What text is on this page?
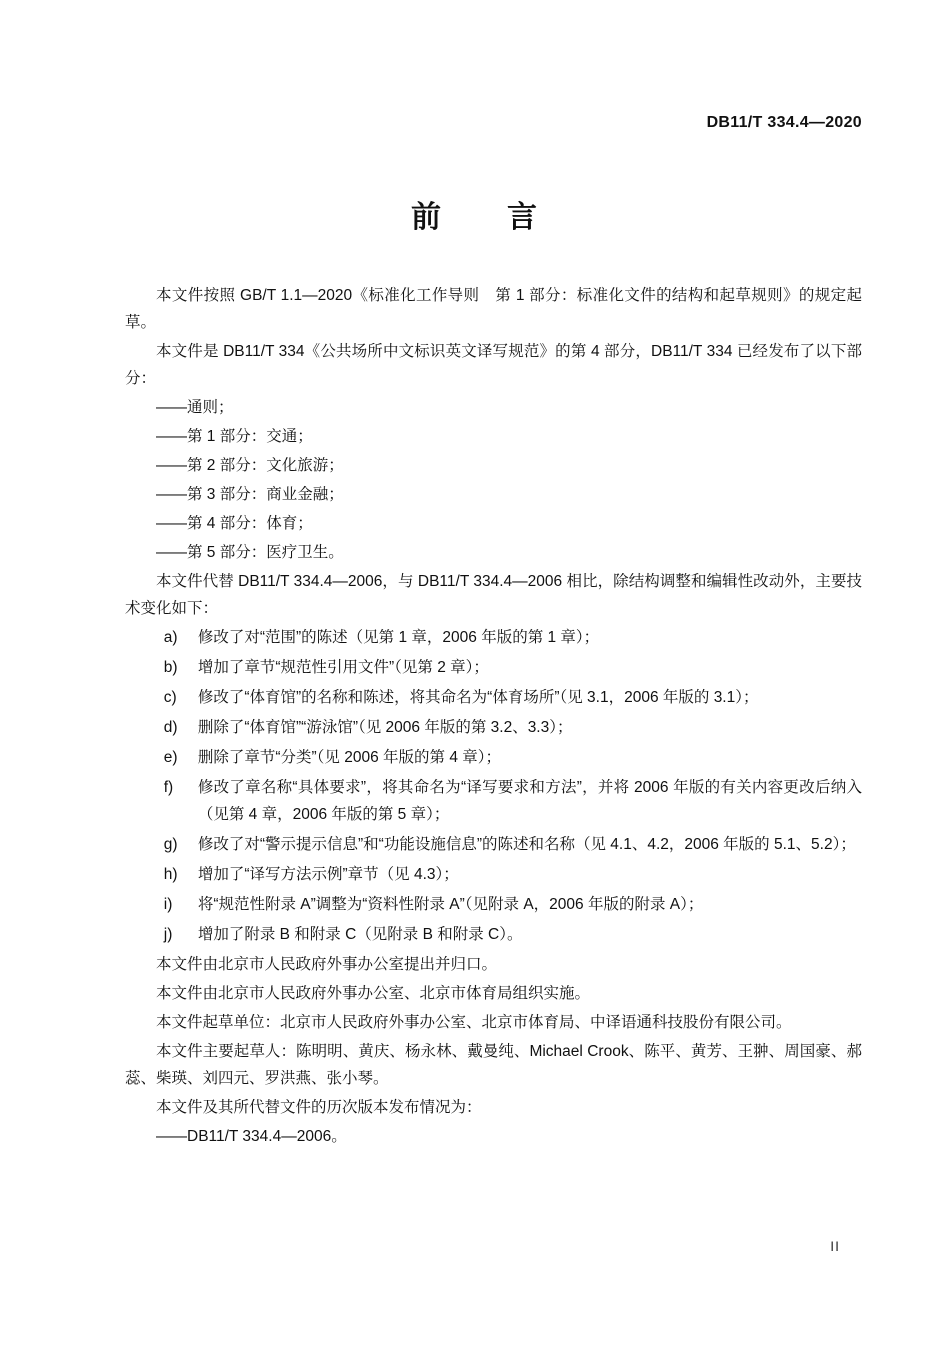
DB11/T 334.4—2020
前　　言

本文件按照 GB/T 1.1—2020《标准化工作导则　第 1 部分：标准化文件的结构和起草规则》的规定起草。

本文件是 DB11/T 334《公共场所中文标识英文译写规范》的第 4 部分，DB11/T 334 已经发布了以下部分：

——通则；

——第 1 部分：交通；

——第 2 部分：文化旅游；

——第 3 部分：商业金融；

——第 4 部分：体育；

——第 5 部分：医疗卫生。

本文件代替 DB11/T 334.4—2006，与 DB11/T 334.4—2006 相比，除结构调整和编辑性改动外，主要技术变化如下：

a)	修改了对“范围”的陈述（见第 1 章，2006 年版的第 1 章）；
b)	增加了章节“规范性引用文件”（见第 2 章）；
c)	修改了“体育馆”的名称和陈述，将其命名为“体育场所”（见 3.1，2006 年版的 3.1）；
d)	删除了“体育馆”“游泳馆”（见 2006 年版的第 3.2、3.3）；
e)	删除了章节“分类”（见 2006 年版的第 4 章）；
f)	修改了章名称“具体要求”，将其命名为“译写要求和方法”，并将 2006 年版的有关内容更改后纳入（见第 4 章，2006 年版的第 5 章）；
g)	修改了对“警示提示信息”和“功能设施信息”的陈述和名称（见 4.1、4.2，2006 年版的 5.1、5.2）；
h)	增加了“译写方法示例”章节（见 4.3）；
i)	将“规范性附录 A”调整为“资料性附录 A”（见附录 A，2006 年版的附录 A）；
j)	增加了附录 B 和附录 C（见附录 B 和附录 C）。

本文件由北京市人民政府外事办公室提出并归口。

本文件由北京市人民政府外事办公室、北京市体育局组织实施。

本文件起草单位：北京市人民政府外事办公室、北京市体育局、中译语通科技股份有限公司。

本文件主要起草人：陈明明、黄庆、杨永林、戴曼纯、Michael Crook、陈平、黄芳、王翀、周国豪、郝蕊、柴瑛、刘四元、罗洪燕、张小琴。

本文件及其所代替文件的历次版本发布情况为：

——DB11/T 334.4—2006。

II
